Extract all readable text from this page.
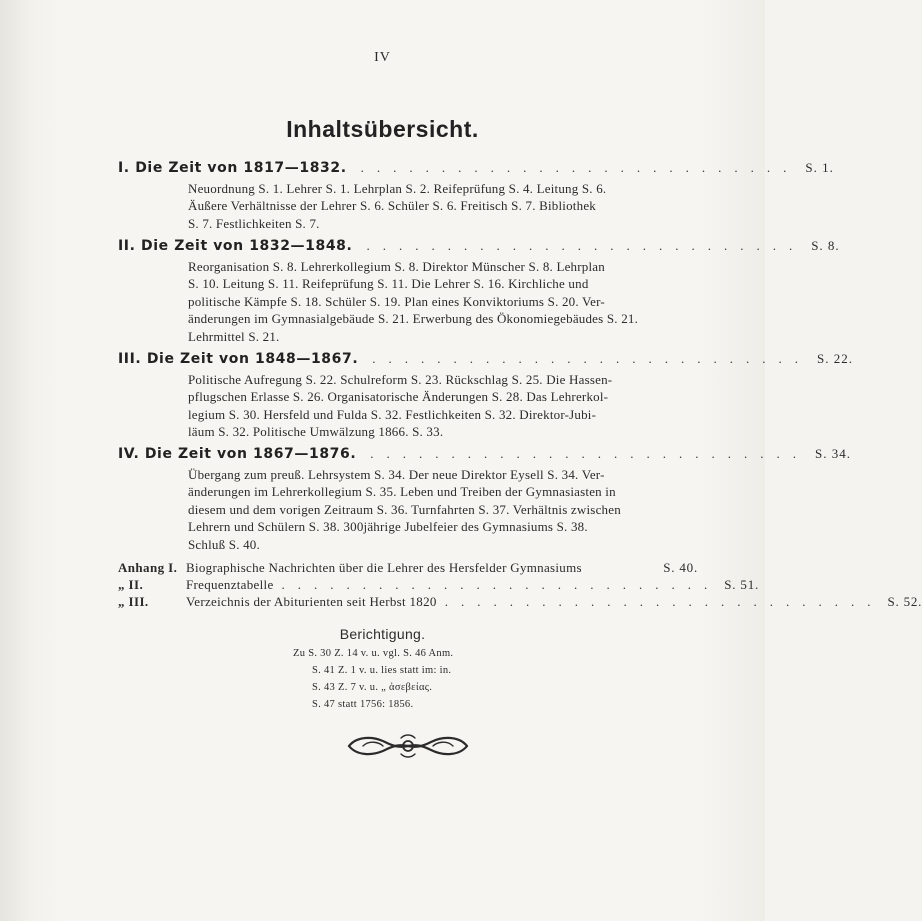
IV
Inhaltsübersicht.
I. Die Zeit von 1817—1832.	........................... S. 1.
Neuordnung S. 1. Lehrer S. 1. Lehrplan S. 2. Reifeprüfung S. 4. Leitung S. 6.
Äußere Verhältnisse der Lehrer S. 6. Schüler S. 6. Freitisch S. 7. Bibliothek
S. 7. Festlichkeiten S. 7.
II. Die Zeit von 1832—1848.	........................... S. 8.
Reorganisation S. 8. Lehrerkollegium S. 8. Direktor Münscher S. 8. Lehrplan
S. 10. Leitung S. 11. Reifeprüfung S. 11. Die Lehrer S. 16. Kirchliche und
politische Kämpfe S. 18. Schüler S. 19. Plan eines Konviktoriums S. 20. Ver-
änderungen im Gymnasialgebäude S. 21. Erwerbung des Ökonomiegebäudes S. 21.
Lehrmittel S. 21.
III. Die Zeit von 1848—1867.	........................... S. 22.
Politische Aufregung S. 22. Schulreform S. 23. Rückschlag S. 25. Die Hassen-
pflugschen Erlasse S. 26. Organisatorische Änderungen S. 28. Das Lehrerkol-
legium S. 30. Hersfeld und Fulda S. 32. Festlichkeiten S. 32. Direktor-Jubi-
läum S. 32. Politische Umwälzung 1866. S. 33.
IV. Die Zeit von 1867—1876.	........................... S. 34.
Übergang zum preuß. Lehrsystem S. 34. Der neue Direktor Eysell S. 34. Ver-
änderungen im Lehrerkollegium S. 35. Leben und Treiben der Gymnasiasten in
diesem und dem vorigen Zeitraum S. 36. Turnfahrten S. 37. Verhältnis zwischen
Lehrern und Schülern S. 38. 300jährige Jubelfeier des Gymnasiums S. 38.
Schluß S. 40.
Anhang I. Biographische Nachrichten über die Lehrer des Hersfelder Gymnasiums	S. 40.
„ II.	Frequenztabelle ........................... S. 51.
„ III.	Verzeichnis der Abiturienten seit Herbst 1820 ........................... S. 52.
Berichtigung.
Zu S. 30 Z. 14 v. u. vgl. S. 46 Anm.
S. 41 Z. 1 v. u. lies statt im: in.
S. 43 Z. 7 v. u. „ ἀσεβείας.
S. 47 statt 1756: 1856.
